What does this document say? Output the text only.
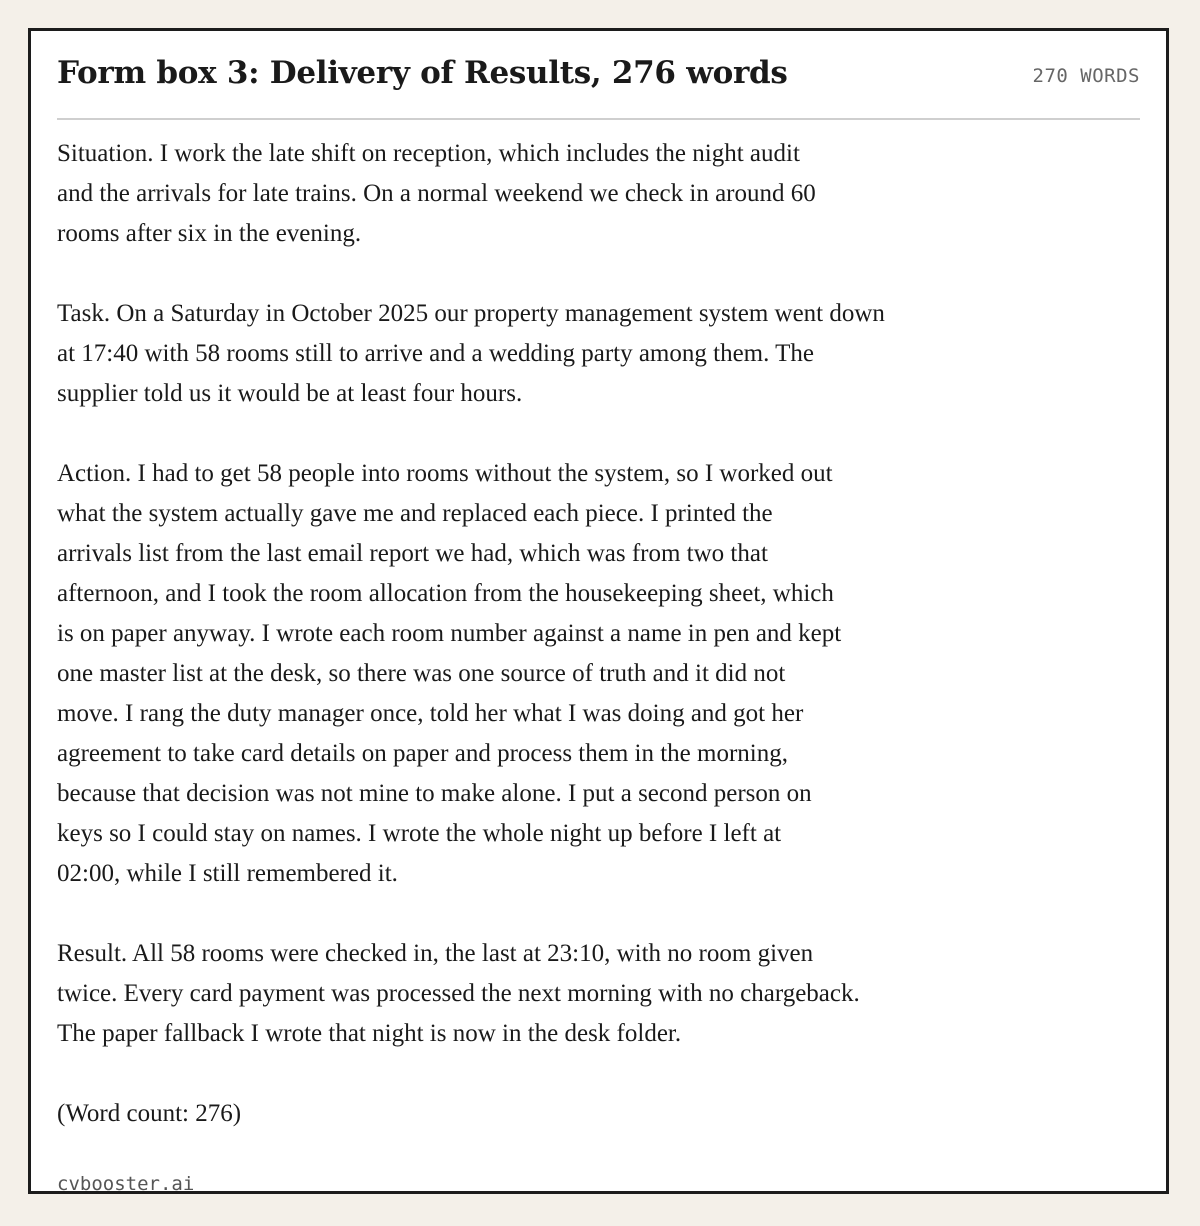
Form box 3: Delivery of Results, 276 words	270 WORDS

Situation. I work the late shift on reception, which includes the night audit
and the arrivals for late trains. On a normal weekend we check in around 60
rooms after six in the evening.

Task. On a Saturday in October 2025 our property management system went down
at 17:40 with 58 rooms still to arrive and a wedding party among them. The
supplier told us it would be at least four hours.

Action. I had to get 58 people into rooms without the system, so I worked out
what the system actually gave me and replaced each piece. I printed the
arrivals list from the last email report we had, which was from two that
afternoon, and I took the room allocation from the housekeeping sheet, which
is on paper anyway. I wrote each room number against a name in pen and kept
one master list at the desk, so there was one source of truth and it did not
move. I rang the duty manager once, told her what I was doing and got her
agreement to take card details on paper and process them in the morning,
because that decision was not mine to make alone. I put a second person on
keys so I could stay on names. I wrote the whole night up before I left at
02:00, while I still remembered it.

Result. All 58 rooms were checked in, the last at 23:10, with no room given
twice. Every card payment was processed the next morning with no chargeback.
The paper fallback I wrote that night is now in the desk folder.

(Word count: 276)

cvbooster.ai
